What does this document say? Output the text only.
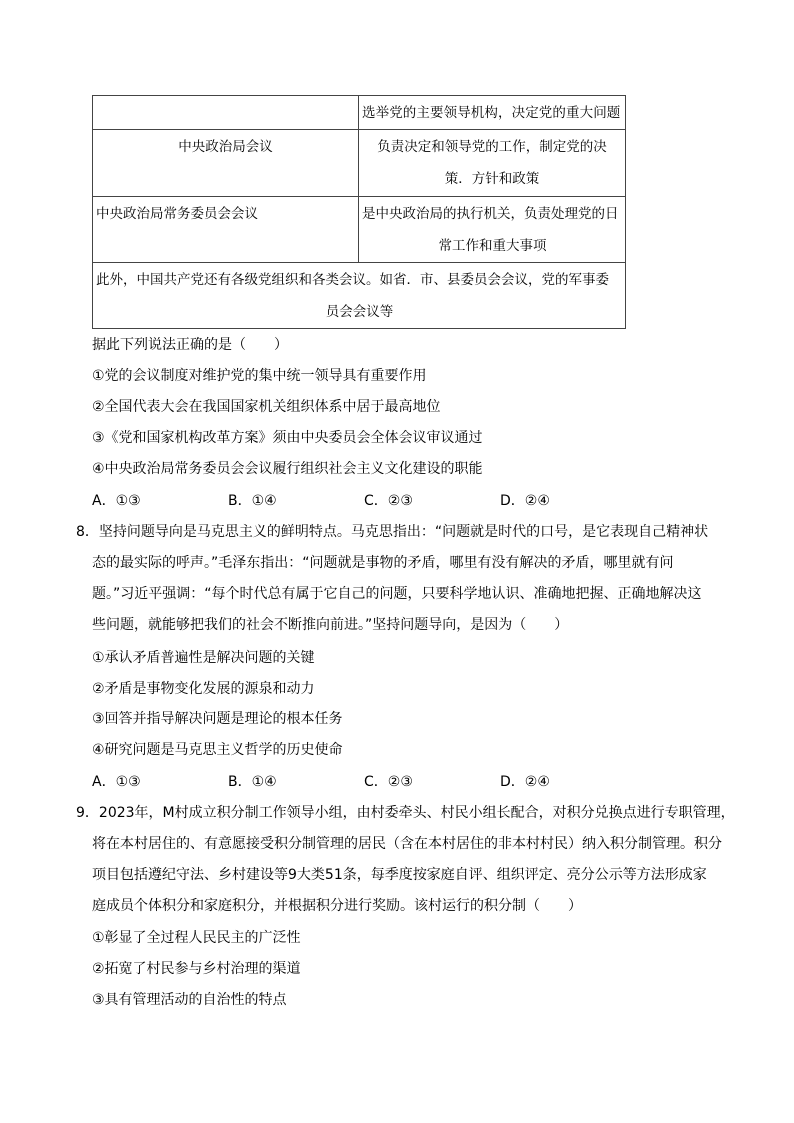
选举党的主要领导机构，决定党的重大问题
中央政治局会议	负责决定和领导党的工作，制定党的决
策．方针和政策
中央政治局常务委员会会议	是中央政治局的执行机关，负责处理党的日
常工作和重大事项
此外，中国共产党还有各级党组织和各类会议。如省．市、县委员会会议，党的军事委
员会会议等
据此下列说法正确的是（　　）
①党的会议制度对维护党的集中统一领导具有重要作用
②全国代表大会在我国国家机关组织体系中居于最高地位
③《党和国家机构改革方案》须由中央委员会全体会议审议通过
④中央政治局常务委员会会议履行组织社会主义文化建设的职能
A．①③	B．①④	C．②③	D．②④
8．坚持问题导向是马克思主义的鲜明特点。马克思指出：“问题就是时代的口号，是它表现自己精神状
态的最实际的呼声。”毛泽东指出：“问题就是事物的矛盾，哪里有没有解决的矛盾，哪里就有问
题。”习近平强调：“每个时代总有属于它自己的问题，只要科学地认识、准确地把握、正确地解决这
些问题，就能够把我们的社会不断推向前进。”坚持问题导向，是因为（　　）
①承认矛盾普遍性是解决问题的关键
②矛盾是事物变化发展的源泉和动力
③回答并指导解决问题是理论的根本任务
④研究问题是马克思主义哲学的历史使命
A．①③	B．①④	C．②③	D．②④
9．2023年，M村成立积分制工作领导小组，由村委牵头、村民小组长配合，对积分兑换点进行专职管理，
将在本村居住的、有意愿接受积分制管理的居民（含在本村居住的非本村村民）纳入积分制管理。积分
项目包括遵纪守法、乡村建设等9大类51条，每季度按家庭自评、组织评定、亮分公示等方法形成家
庭成员个体积分和家庭积分，并根据积分进行奖励。该村运行的积分制（　　）
①彰显了全过程人民民主的广泛性
②拓宽了村民参与乡村治理的渠道
③具有管理活动的自治性的特点
